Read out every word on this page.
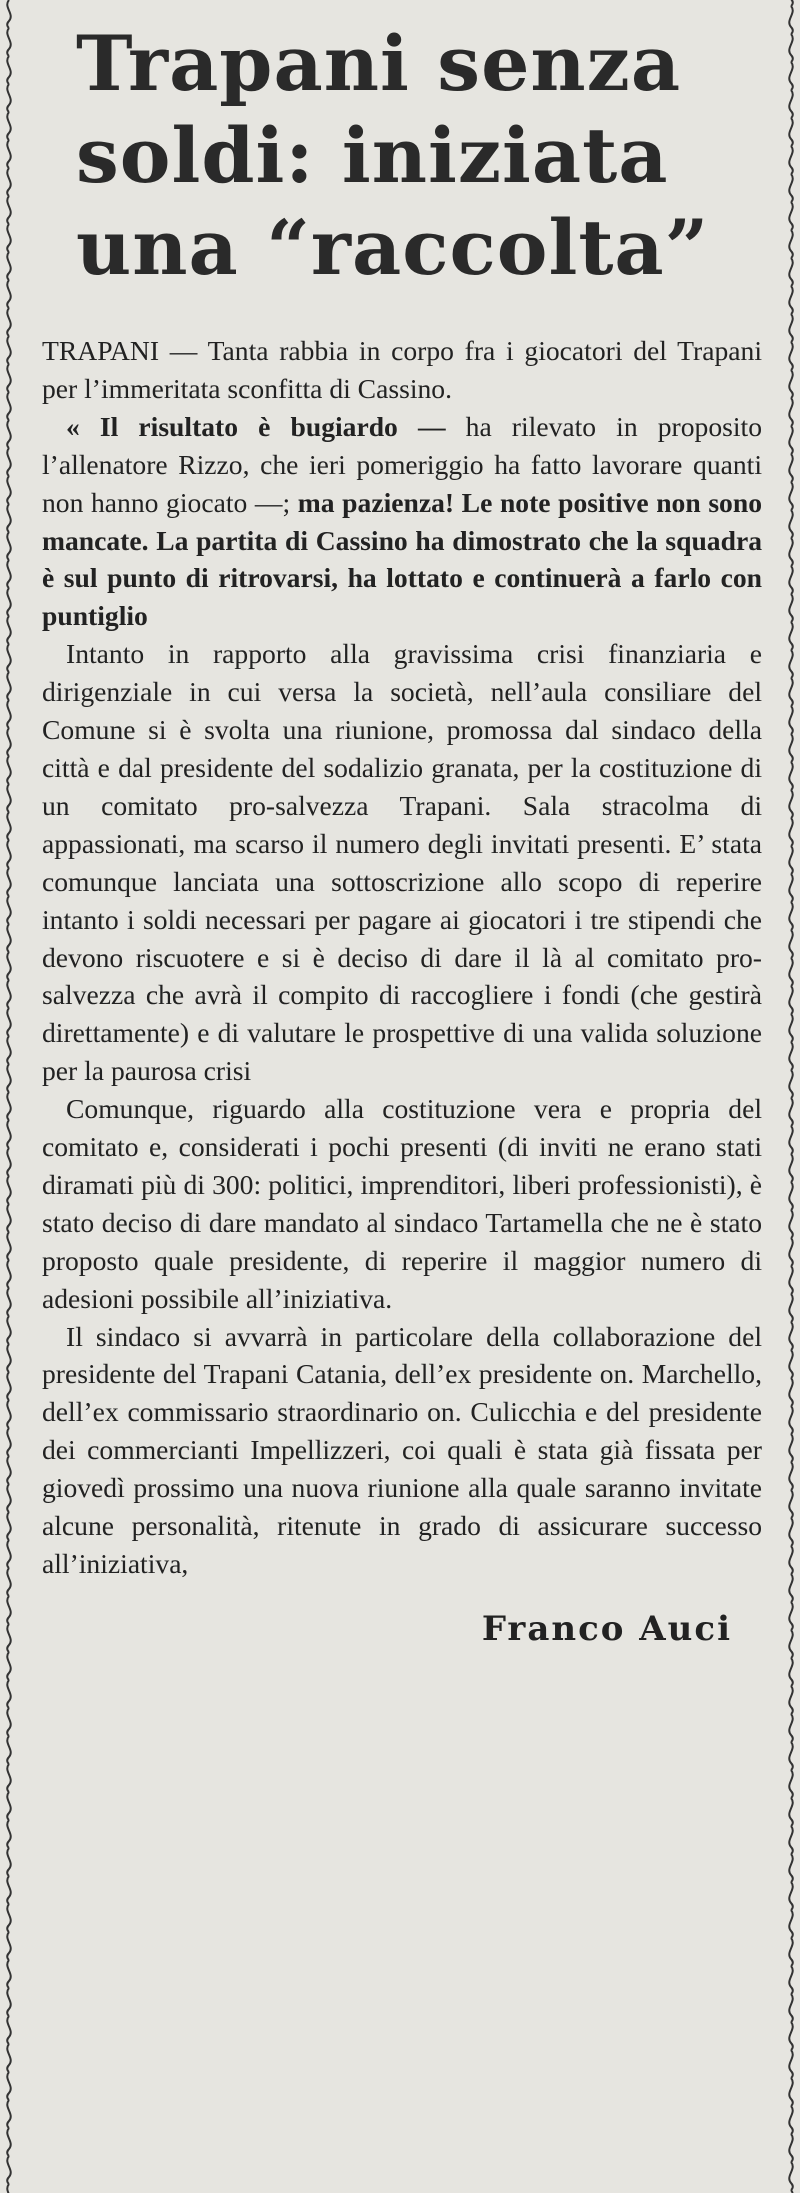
Trapani senza
soldi: iniziata
una “raccolta”

TRAPANI — Tanta rabbia in corpo fra i giocatori del Trapani per l’immeritata sconfitta di Cassino.

« Il risultato è bugiardo — ha rilevato in proposito l’allenatore Rizzo, che ieri pomeriggio ha fatto lavorare quanti non hanno giocato —; ma pazienza! Le note positive non sono mancate. La partita di Cassino ha dimostrato che la squadra è sul punto di ritrovarsi, ha lottato e continuerà a farlo con puntiglio

Intanto in rapporto alla gravissima crisi finanziaria e dirigenziale in cui versa la società, nell’aula consiliare del Comune si è svolta una riunione, promossa dal sindaco della città e dal presidente del sodalizio granata, per la costituzione di un comitato pro-salvezza Trapani. Sala stracolma di appassionati, ma scarso il numero degli invitati presenti. E’ stata comunque lanciata una sottoscrizione allo scopo di reperire intanto i soldi necessari per pagare ai giocatori i tre stipendi che devono riscuotere e si è deciso di dare il là al comitato pro-salvezza che avrà il compito di raccogliere i fondi (che gestirà direttamente) e di valutare le prospettive di una valida soluzione per la paurosa crisi

Comunque, riguardo alla costituzione vera e propria del comitato e, considerati i pochi presenti (di inviti ne erano stati diramati più di 300: politici, imprenditori, liberi professionisti), è stato deciso di dare mandato al sindaco Tartamella che ne è stato proposto quale presidente, di reperire il maggior numero di adesioni possibile all’iniziativa.

Il sindaco si avvarrà in particolare della collaborazione del presidente del Trapani Catania, dell’ex presidente on. Marchello, dell’ex commissario straordinario on. Culicchia e del presidente dei commercianti Impellizzeri, coi quali è stata già fissata per giovedì prossimo una nuova riunione alla quale saranno invitate alcune personalità, ritenute in grado di assicurare successo all’iniziativa,

Franco Auci
